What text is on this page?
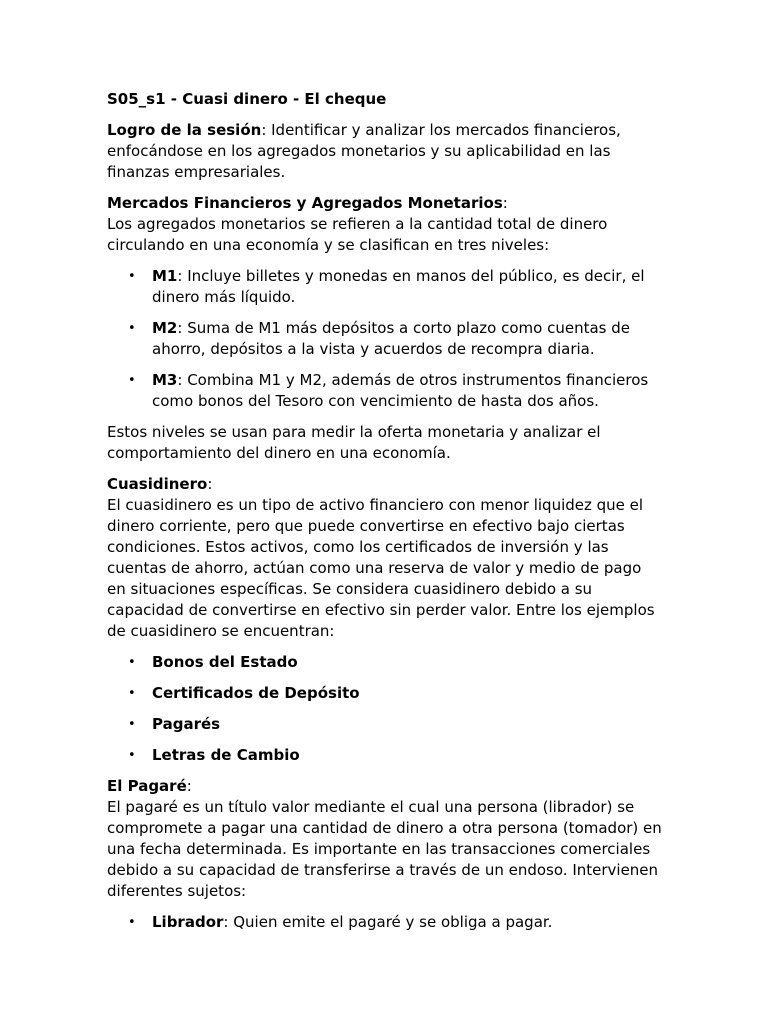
S05_s1 - Cuasi dinero - El cheque

Logro de la sesión: Identificar y analizar los mercados financieros, enfocándose en los agregados monetarios y su aplicabilidad en las finanzas empresariales.

Mercados Financieros y Agregados Monetarios:
Los agregados monetarios se refieren a la cantidad total de dinero circulando en una economía y se clasifican en tres niveles:

• M1: Incluye billetes y monedas en manos del público, es decir, el dinero más líquido.
• M2: Suma de M1 más depósitos a corto plazo como cuentas de ahorro, depósitos a la vista y acuerdos de recompra diaria.
• M3: Combina M1 y M2, además de otros instrumentos financieros como bonos del Tesoro con vencimiento de hasta dos años.

Estos niveles se usan para medir la oferta monetaria y analizar el comportamiento del dinero en una economía.

Cuasidinero:
El cuasidinero es un tipo de activo financiero con menor liquidez que el dinero corriente, pero que puede convertirse en efectivo bajo ciertas condiciones. Estos activos, como los certificados de inversión y las cuentas de ahorro, actúan como una reserva de valor y medio de pago en situaciones específicas. Se considera cuasidinero debido a su capacidad de convertirse en efectivo sin perder valor. Entre los ejemplos de cuasidinero se encuentran:

• Bonos del Estado
• Certificados de Depósito
• Pagarés
• Letras de Cambio

El Pagaré:
El pagaré es un título valor mediante el cual una persona (librador) se compromete a pagar una cantidad de dinero a otra persona (tomador) en una fecha determinada. Es importante en las transacciones comerciales debido a su capacidad de transferirse a través de un endoso. Intervienen diferentes sujetos:

• Librador: Quien emite el pagaré y se obliga a pagar.
